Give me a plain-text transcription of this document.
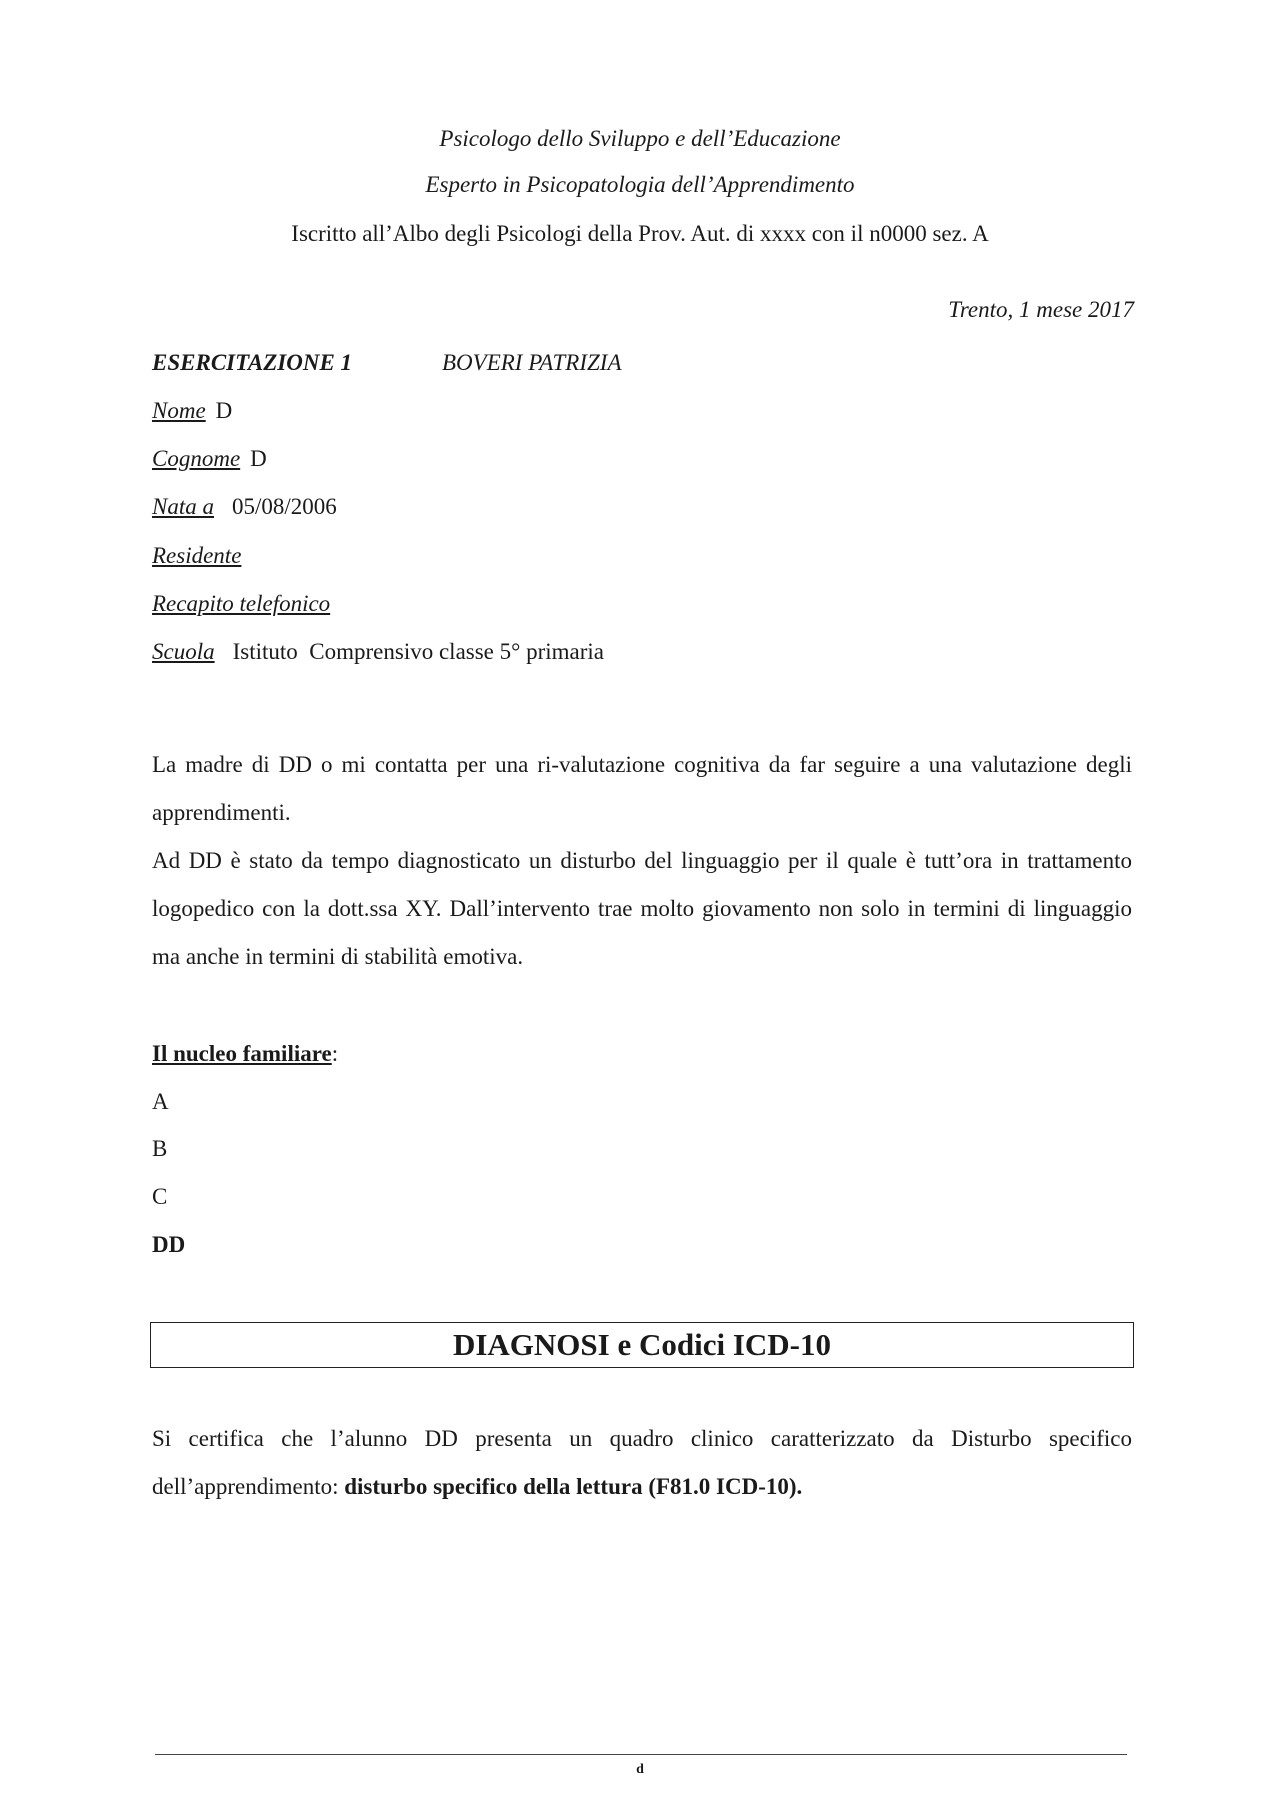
Psicologo dello Sviluppo e dell’Educazione
Esperto in Psicopatologia dell’Apprendimento
Iscritto all’Albo degli Psicologi della Prov. Aut. di xxxx con il n0000 sez. A
Trento, 1 mese 2017
ESERCITAZIONE 1	BOVERI PATRIZIA
Nome D
Cognome D
Nata a 05/08/2006
Residente
Recapito telefonico
Scuola Istituto  Comprensivo classe 5° primaria
La madre di DD o mi contatta per una ri-valutazione cognitiva da far seguire a una valutazione degli apprendimenti.
Ad DD è stato da tempo diagnosticato un disturbo del linguaggio per il quale è tutt’ora in trattamento logopedico con la dott.ssa XY. Dall’intervento trae molto giovamento non solo in termini di linguaggio ma anche in termini di stabilità emotiva.
Il nucleo familiare:
A
B
C
DD
DIAGNOSI e Codici ICD-10
Si certifica che l’alunno DD presenta un quadro clinico caratterizzato da Disturbo specifico dell’apprendimento: disturbo specifico della lettura (F81.0 ICD-10).
d
